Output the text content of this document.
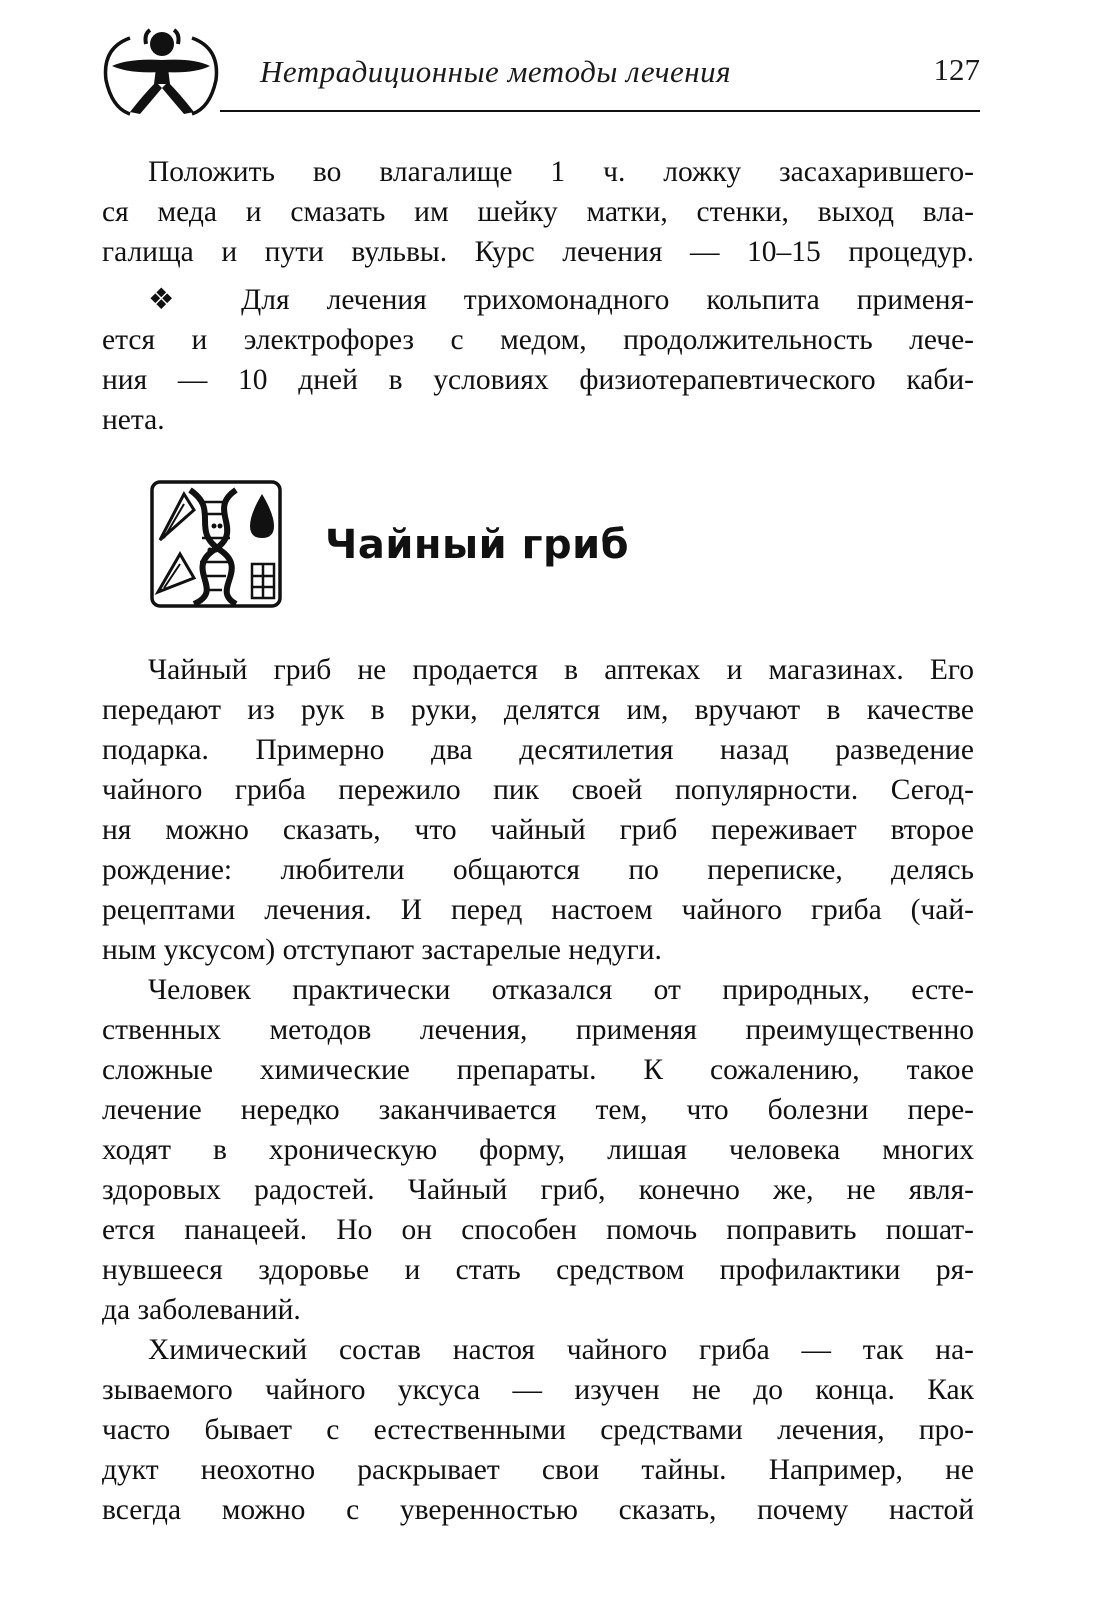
Нетрадиционные методы лечения	127
Положить во влагалище 1 ч. ложку засахарившего-
ся меда и смазать им шейку матки, стенки, выход вла-
галища и пути вульвы. Курс лечения — 10–15 процедур.
❖ Для лечения трихомонадного кольпита применя-
ется и электрофорез с медом, продолжительность лече-
ния — 10 дней в условиях физиотерапевтического каби-
нета.
Чайный гриб
Чайный гриб не продается в аптеках и магазинах. Его
передают из рук в руки, делятся им, вручают в качестве
подарка. Примерно два десятилетия назад разведение
чайного гриба пережило пик своей популярности. Сегод-
ня можно сказать, что чайный гриб переживает второе
рождение: любители общаются по переписке, делясь
рецептами лечения. И перед настоем чайного гриба (чай-
ным уксусом) отступают застарелые недуги.
Человек практически отказался от природных, есте-
ственных методов лечения, применяя преимущественно
сложные химические препараты. К сожалению, такое
лечение нередко заканчивается тем, что болезни пере-
ходят в хроническую форму, лишая человека многих
здоровых радостей. Чайный гриб, конечно же, не явля-
ется панацеей. Но он способен помочь поправить пошат-
нувшееся здоровье и стать средством профилактики ря-
да заболеваний.
Химический состав настоя чайного гриба — так на-
зываемого чайного уксуса — изучен не до конца. Как
часто бывает с естественными средствами лечения, про-
дукт неохотно раскрывает свои тайны. Например, не
всегда можно с уверенностью сказать, почему настой
